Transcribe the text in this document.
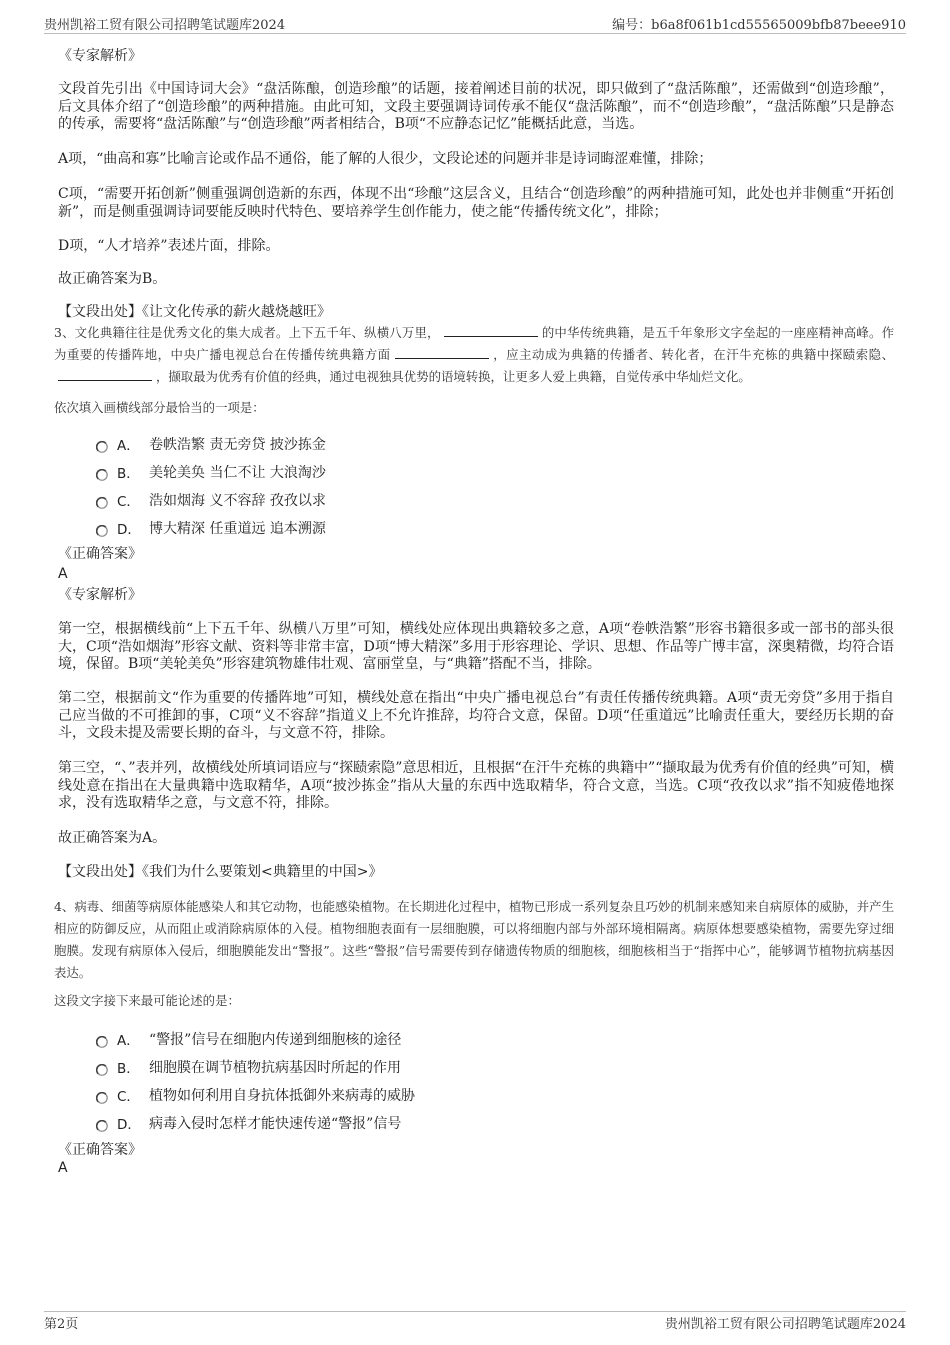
贵州凯裕工贸有限公司招聘笔试题库2024	编号：b6a8f061b1cd55565009bfb87beee910
《专家解析》
文段首先引出《中国诗词大会》“盘活陈酿，创造珍酿”的话题，接着阐述目前的状况，即只做到了“盘活陈酿”，还需做到“创造珍酿”，后文具体介绍了“创造珍酿”的两种措施。由此可知，文段主要强调诗词传承不能仅“盘活陈酿”，而不“创造珍酿”，“盘活陈酿”只是静态的传承，需要将“盘活陈酿”与“创造珍酿”两者相结合，B项“不应静态记忆”能概括此意，当选。
A项，“曲高和寡”比喻言论或作品不通俗，能了解的人很少，文段论述的问题并非是诗词晦涩难懂，排除；
C项，“需要开拓创新”侧重强调创造新的东西，体现不出“珍酿”这层含义，且结合“创造珍酿”的两种措施可知，此处也并非侧重“开拓创新”，而是侧重强调诗词要能反映时代特色、要培养学生创作能力，使之能“传播传统文化”，排除；
D项，“人才培养”表述片面，排除。
故正确答案为B。
【文段出处】《让文化传承的薪火越烧越旺》
3、文化典籍往往是优秀文化的集大成者。上下五千年、纵横八万里，	的中华传统典籍，是五千年象形文字垒起的一座座精神高峰。作为重要的传播阵地，中央广播电视总台在传播传统典籍方面	，应主动成为典籍的传播者、转化者，在汗牛充栋的典籍中探赜索隐、，撷取最为优秀有价值的经典，通过电视独具优势的语境转换，让更多人爱上典籍，自觉传承中华灿烂文化。
依次填入画横线部分最恰当的一项是：
A． 卷帙浩繁 责无旁贷 披沙拣金
B． 美轮美奂 当仁不让 大浪淘沙
C． 浩如烟海 义不容辞 孜孜以求
D． 博大精深 任重道远 追本溯源
《正确答案》
A
《专家解析》
第一空，根据横线前“上下五千年、纵横八万里”可知，横线处应体现出典籍较多之意，A项“卷帙浩繁”形容书籍很多或一部书的部头很大，C项“浩如烟海”形容文献、资料等非常丰富，D项“博大精深”多用于形容理论、学识、思想、作品等广博丰富，深奥精微，均符合语境，保留。B项“美轮美奂”形容建筑物雄伟壮观、富丽堂皇，与“典籍”搭配不当，排除。
第二空，根据前文“作为重要的传播阵地”可知，横线处意在指出“中央广播电视总台”有责任传播传统典籍。A项“责无旁贷”多用于指自己应当做的不可推卸的事，C项“义不容辞”指道义上不允许推辞，均符合文意，保留。D项“任重道远”比喻责任重大，要经历长期的奋斗，文段未提及需要长期的奋斗，与文意不符，排除。
第三空，“、”表并列，故横线处所填词语应与“探赜索隐”意思相近，且根据“在汗牛充栋的典籍中”“撷取最为优秀有价值的经典”可知，横线处意在指出在大量典籍中选取精华，A项“披沙拣金”指从大量的东西中选取精华，符合文意，当选。C项“孜孜以求”指不知疲倦地探求，没有选取精华之意，与文意不符，排除。
故正确答案为A。
【文段出处】《我们为什么要策划<典籍里的中国>》
4、病毒、细菌等病原体能感染人和其它动物，也能感染植物。在长期进化过程中，植物已形成一系列复杂且巧妙的机制来感知来自病原体的威胁，并产生相应的防御反应，从而阻止或消除病原体的入侵。植物细胞表面有一层细胞膜，可以将细胞内部与外部环境相隔离。病原体想要感染植物，需要先穿过细胞膜。发现有病原体入侵后，细胞膜能发出“警报”。这些“警报”信号需要传到存储遗传物质的细胞核，细胞核相当于“指挥中心”，能够调节植物抗病基因表达。
这段文字接下来最可能论述的是：
A． “警报”信号在细胞内传递到细胞核的途径
B． 细胞膜在调节植物抗病基因时所起的作用
C． 植物如何利用自身抗体抵御外来病毒的威胁
D． 病毒入侵时怎样才能快速传递“警报”信号
《正确答案》
A
第2页	贵州凯裕工贸有限公司招聘笔试题库2024
